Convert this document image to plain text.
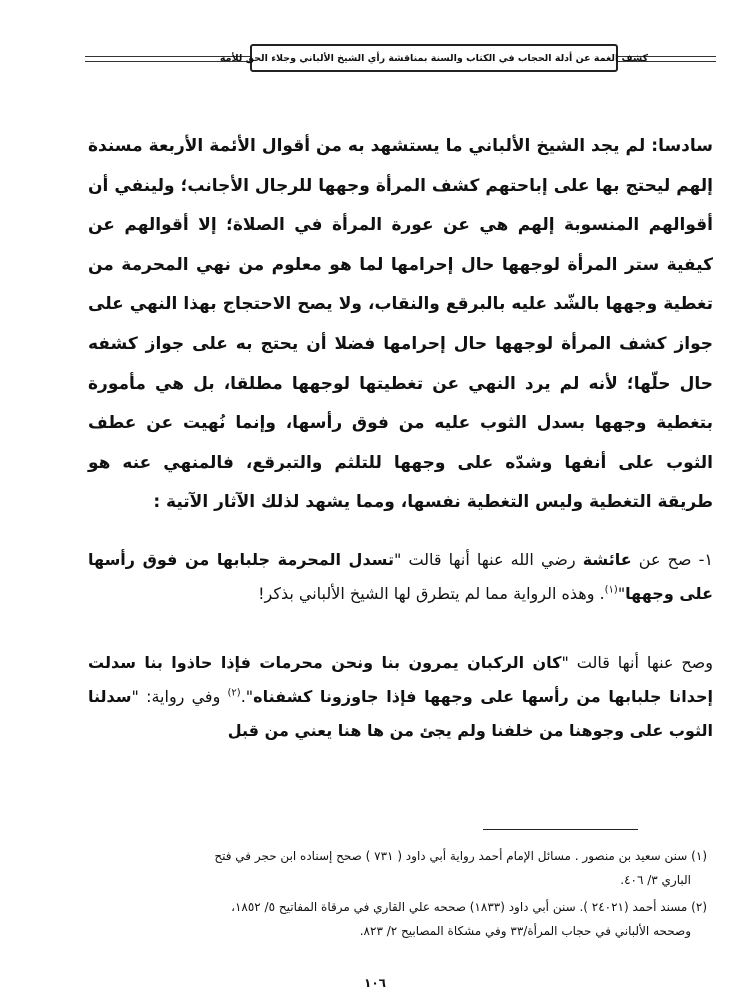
كشف الغمة عن أدلة الحجاب في الكتاب والسنة بمناقشة رأي الشيخ الألباني وجلاء الحق للأمة

سادسا: لم يجد الشيخ الألباني ما يستشهد به من أقوال الأئمة الأربعة مسندة إلهم ليحتج بها على إباحتهم كشف المرأة وجهها للرجال الأجانب؛ ولينفي أن أقوالهم المنسوبة إلهم هي عن عورة المرأة في الصلاة؛ إلا أقوالهم عن كيفية ستر المرأة لوجهها حال إحرامها لما هو معلوم من نهي المحرمة من تغطية وجهها بالشّد عليه بالبرقع والنقاب، ولا يصح الاحتجاج بهذا النهي على جواز كشف المرأة لوجهها حال إحرامها فضلا أن يحتج به على جواز كشفه حال حلّها؛ لأنه لم يرد النهي عن تغطيتها لوجهها مطلقا، بل هي مأمورة بتغطية وجهها بسدل الثوب عليه من فوق رأسها، وإنما نُهيت عن عطف الثوب على أنفها وشدّه على وجهها للتلثم والتبرقع، فالمنهي عنه هو طريقة التغطية وليس التغطية نفسها، ومما يشهد لذلك الآثار الآتية :

١- صح عن عائشة رضي الله عنها أنها قالت "تسدل المحرمة جلبابها من فوق رأسها على وجهها"$^{(١)}$. وهذه الرواية مما لم يتطرق لها الشيخ الألباني بذكر!

وصح عنها أنها قالت "كان الركبان يمرون بنا ونحن محرمات فإذا حاذوا بنا سدلت إحدانا جلبابها من رأسها على وجهها فإذا جاوزونا كشفناه".$^{(٢)}$ وفي رواية: "سدلنا الثوب على وجوهنا من خلفنا ولم يجئ من ها هنا يعني من قبل

(١) سنن سعيد بن منصور . مسائل الإمام أحمد رواية أبي داود ( ٧٣١ ) صحح إسناده ابن حجر في فتح
الباري ٣/ ٤٠٦.
(٢) مسند أحمد (٢٤٠٢١ ). سنن أبي داود (١٨٣٣) صححه علي القاري في مرقاة المفاتيح ٥/ ١٨٥٢،
وصححه الألباني في حجاب المرأة/٣٣ وفي مشكاة المصابيح ٢/ ٨٢٣.
١٠٦
